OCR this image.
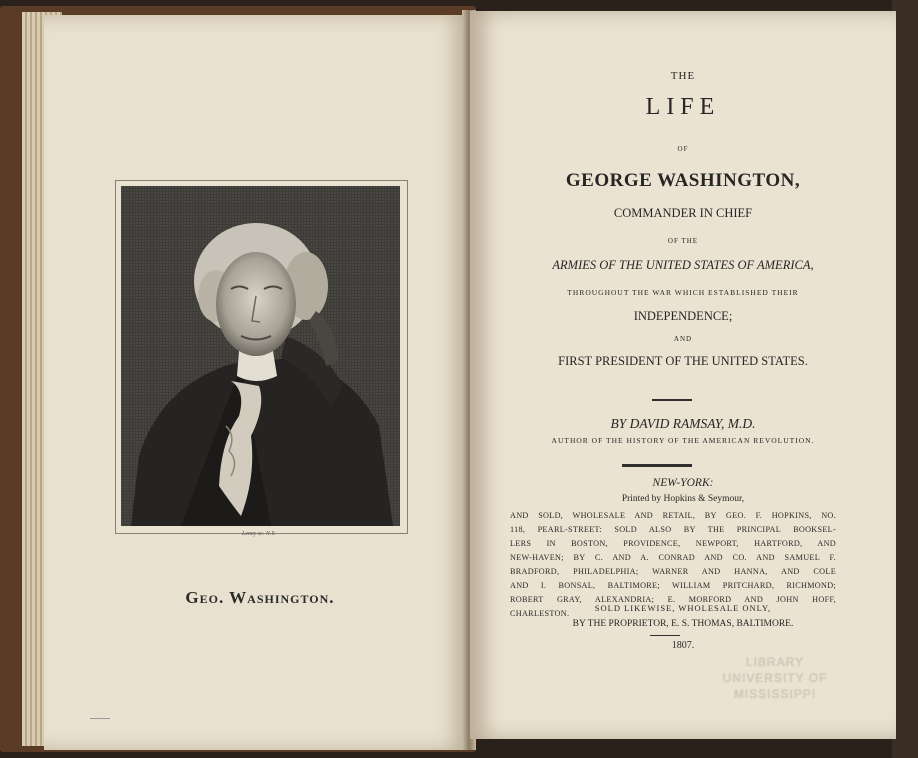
Leney sc. N.Y.
Geo. Washington.

THE

LIFE

OF

GEORGE WASHINGTON,

COMMANDER IN CHIEF

OF THE

ARMIES OF THE UNITED STATES OF AMERICA,

THROUGHOUT THE WAR WHICH ESTABLISHED THEIR

INDEPENDENCE;

AND

FIRST PRESIDENT OF THE UNITED STATES.

BY DAVID RAMSAY, M.D.

AUTHOR OF THE HISTORY OF THE AMERICAN REVOLUTION.

NEW-YORK:

Printed by Hopkins & Seymour,

AND SOLD, WHOLESALE AND RETAIL, BY GEO. F. HOPKINS, NO.
118, PEARL-STREET: SOLD ALSO BY THE PRINCIPAL BOOKSEL-
LERS IN BOSTON, PROVIDENCE, NEWPORT, HARTFORD, AND
NEW-HAVEN; BY C. AND A. CONRAD AND CO. AND SAMUEL F.
BRADFORD, PHILADELPHIA; WARNER AND HANNA, AND COLE
AND I. BONSAL, BALTIMORE; WILLIAM PRITCHARD, RICHMOND;
ROBERT GRAY, ALEXANDRIA; E. MORFORD AND JOHN HOFF,
CHARLESTON.

SOLD LIKEWISE, WHOLESALE ONLY,

BY THE PROPRIETOR, E. S. THOMAS, BALTIMORE.

1807.

LIBRARY
UNIVERSITY OF
MISSISSIPPI
